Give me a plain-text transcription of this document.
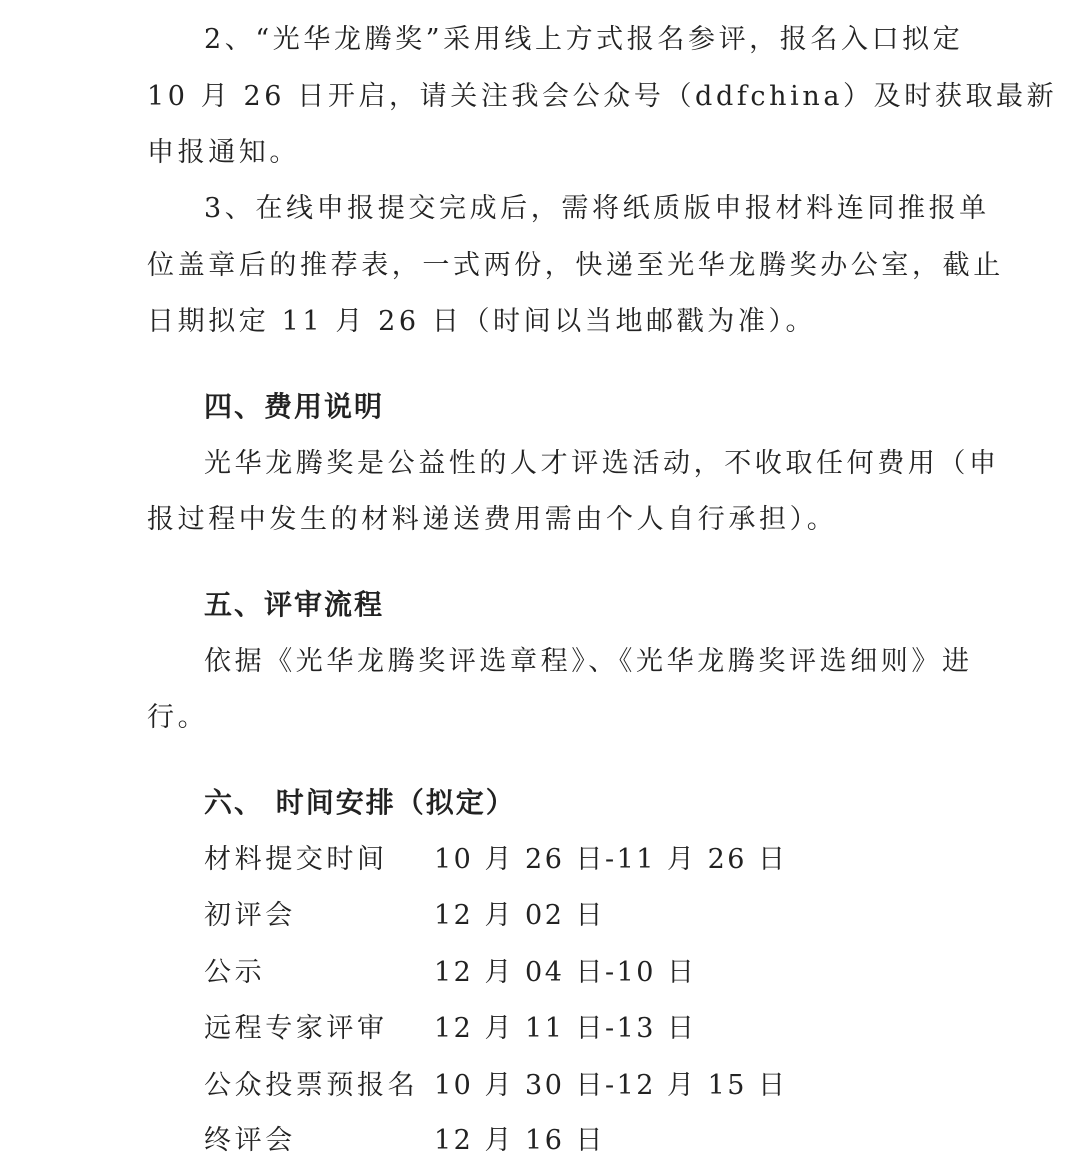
2、“光华龙腾奖”采用线上方式报名参评，报名入口拟定
10 月 26 日开启，请关注我会公众号（ddfchina）及时获取最新
申报通知。
3、在线申报提交完成后，需将纸质版申报材料连同推报单
位盖章后的推荐表，一式两份，快递至光华龙腾奖办公室，截止
日期拟定 11 月 26 日（时间以当地邮戳为准）。
四、费用说明
光华龙腾奖是公益性的人才评选活动，不收取任何费用（申
报过程中发生的材料递送费用需由个人自行承担）。
五、评审流程
依据《光华龙腾奖评选章程》、《光华龙腾奖评选细则》进
行。
六、 时间安排（拟定）
材料提交时间 10 月 26 日-11 月 26 日
初评会	12 月 02 日
公示	12 月 04 日-10 日
远程专家评审 12 月 11 日-13 日
公众投票预报名 10 月 30 日-12 月 15 日
终评会	12 月 16 日
